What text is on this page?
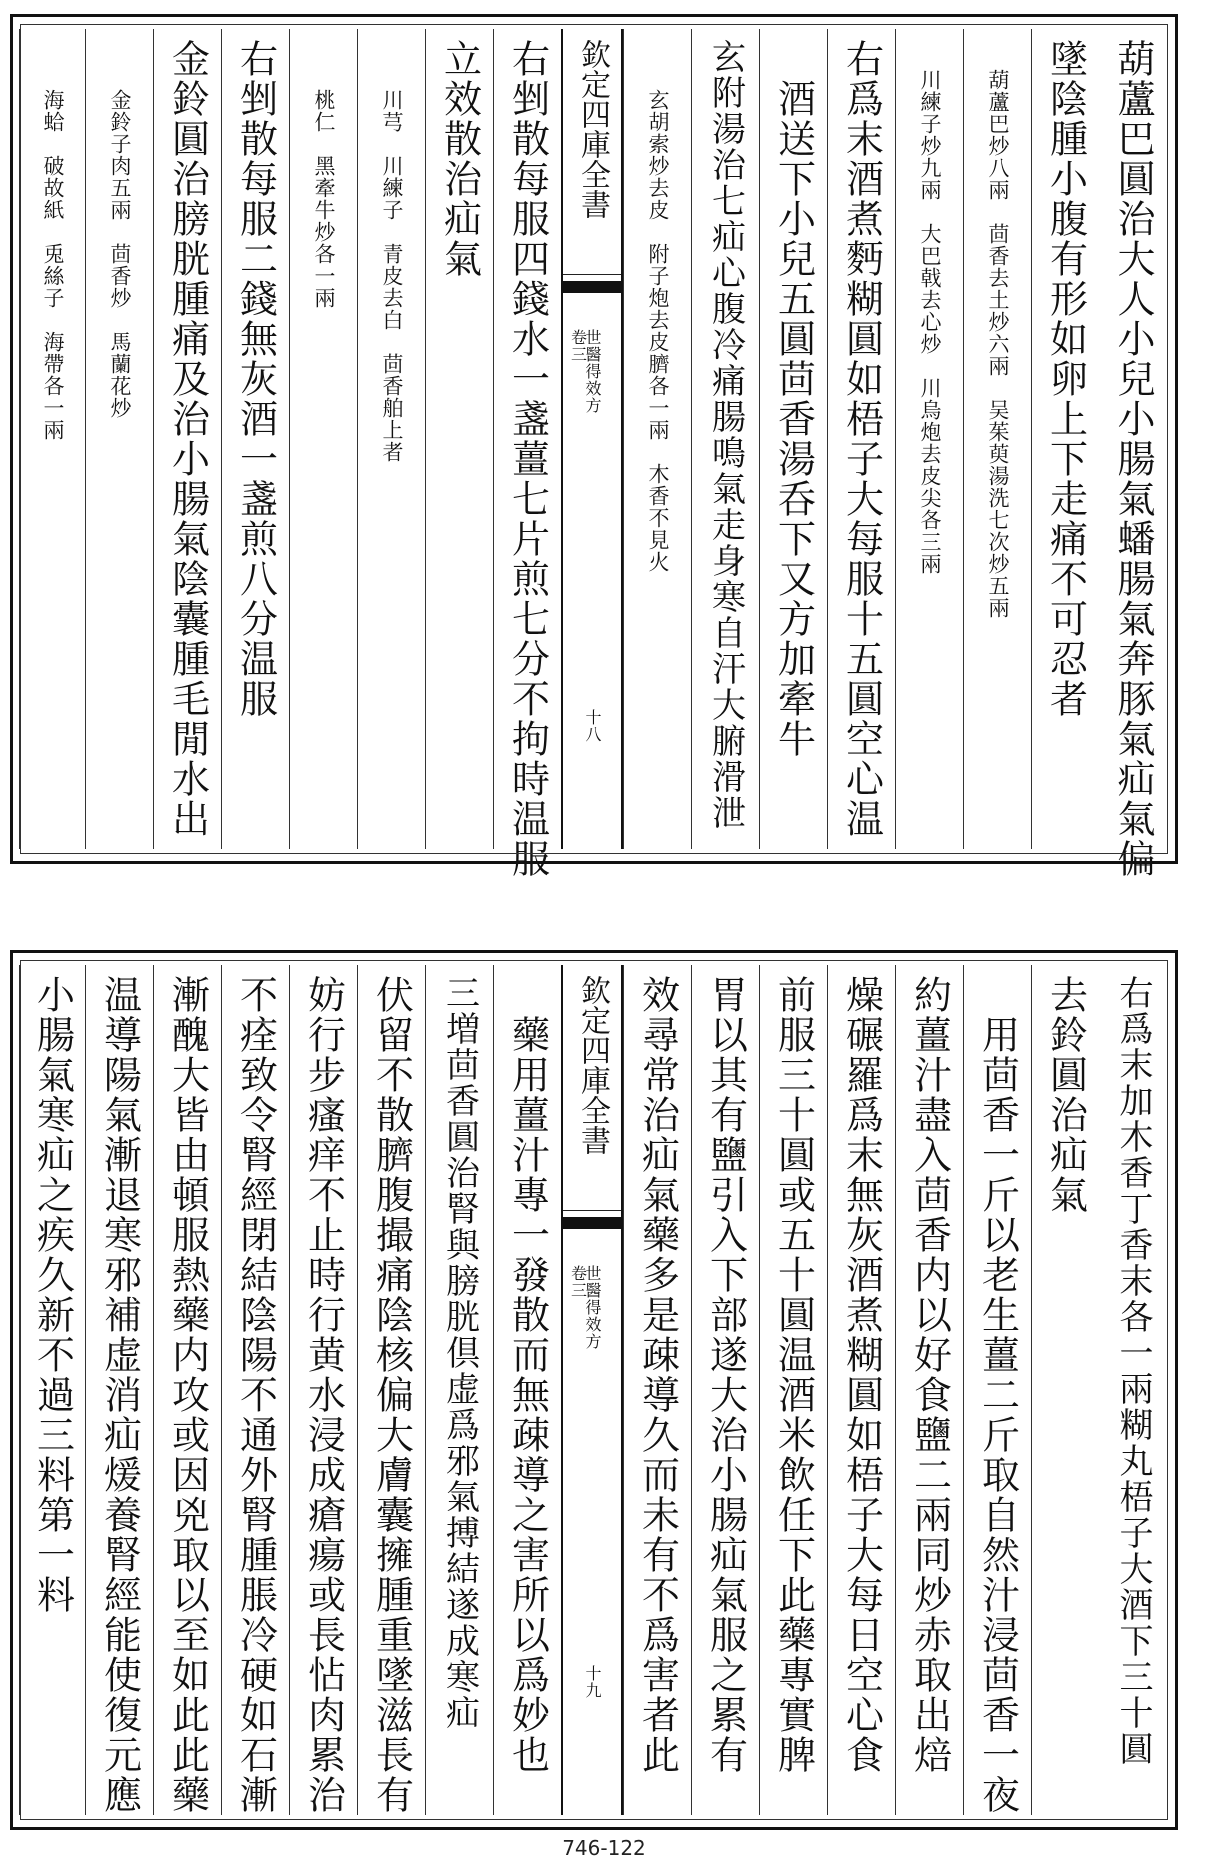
葫蘆巴圓治大人小兒小腸氣蟠腸氣奔豚氣疝氣偏
墜陰腫小腹有形如卵上下走痛不可忍者
葫蘆巴炒八兩　茴香去土炒六兩　吴茱萸湯洗七次炒五兩
川練子炒九兩　大巴戟去心炒　川烏炮去皮尖各三兩
右爲末酒煮麪糊圓如梧子大每服十五圓空心温
酒送下小兒五圓茴香湯呑下又方加牽牛
玄附湯治七疝心腹冷痛腸鳴氣走身寒自汗大腑滑泄
玄胡索炒去皮　附子炮去皮臍各一兩　木香不見火
欽定四庫全書
世醫得效方
卷三
十八
右剉散每服四錢水一盞薑七片煎七分不拘時温服
立效散治疝氣
川芎　川練子　青皮去白　茴香舶上者
桃仁　黑牽牛炒各一兩
右剉散每服二錢無灰酒一盞煎八分温服
金鈴圓治膀胱腫痛及治小腸氣陰囊腫毛閒水出
金鈴子肉五兩　茴香炒　馬蘭花炒
海蛤　破故紙　兎絲子　海帶各一兩
右爲末加木香丁香末各一兩糊丸梧子大酒下三十圓
去鈴圓治疝氣
用茴香一斤以老生薑二斤取自然汁浸茴香一夜
約薑汁盡入茴香内以好食鹽二兩同炒赤取出焙
燥碾羅爲末無灰酒煮糊圓如梧子大每日空心食
前服三十圓或五十圓温酒米飲任下此藥專實脾
胃以其有鹽引入下部遂大治小腸疝氣服之累有
效尋常治疝氣藥多是疎導久而未有不爲害者此
欽定四庫全書
世醫得效方
卷三
十九
藥用薑汁專一發散而無疎導之害所以爲妙也
三増茴香圓治腎與膀胱倶虚爲邪氣搏結遂成寒疝
伏留不散臍腹撮痛陰核偏大膚囊擁腫重墜滋長有
妨行步瘙痒不止時行黄水浸成瘡瘍或長怗肉累治
不痊致令腎經閉結陰陽不通外腎腫脹冷硬如石漸
漸醜大皆由頓服熱藥内攻或因兇取以至如此此藥
温導陽氣漸退寒邪補虚消疝煖養腎經能使復元應
小腸氣寒疝之疾久新不過三料第一料
746-122
